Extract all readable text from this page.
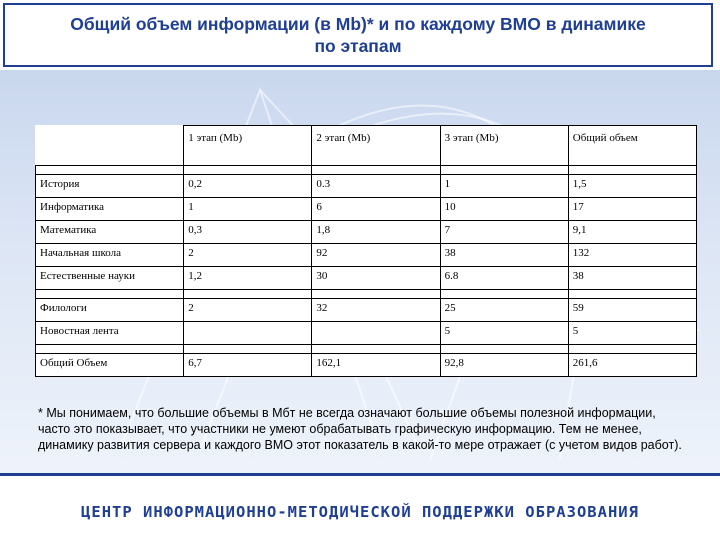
Общий объем информации (в Mb)* и по каждому ВМО в динамике по этапам
	1 этап (Mb)	2 этап (Mb)	3 этап (Mb)	Общий объем

История	0,2	0.3	1	1,5
Информатика	1	6	10	17
Математика	0,3	1,8	7	9,1
Начальная школа	2	92	38	132
Естественные науки	1,2	30	6.8	38

Филологи	2	32	25	59
Новостная лента			5	5

Общий Объем	6,7	162,1	92,8	261,6
* Мы понимаем, что большие объемы в Мбт не всегда означают большие объемы полезной информации, часто это показывает, что участники не умеют обрабатывать графическую информацию. Тем не менее, динамику развития сервера и каждого ВМО этот показатель в какой-то мере отражает (с учетом видов работ).
ЦЕНТР ИНФОРМАЦИОННО-МЕТОДИЧЕСКОЙ ПОДДЕРЖКИ ОБРАЗОВАНИЯ
